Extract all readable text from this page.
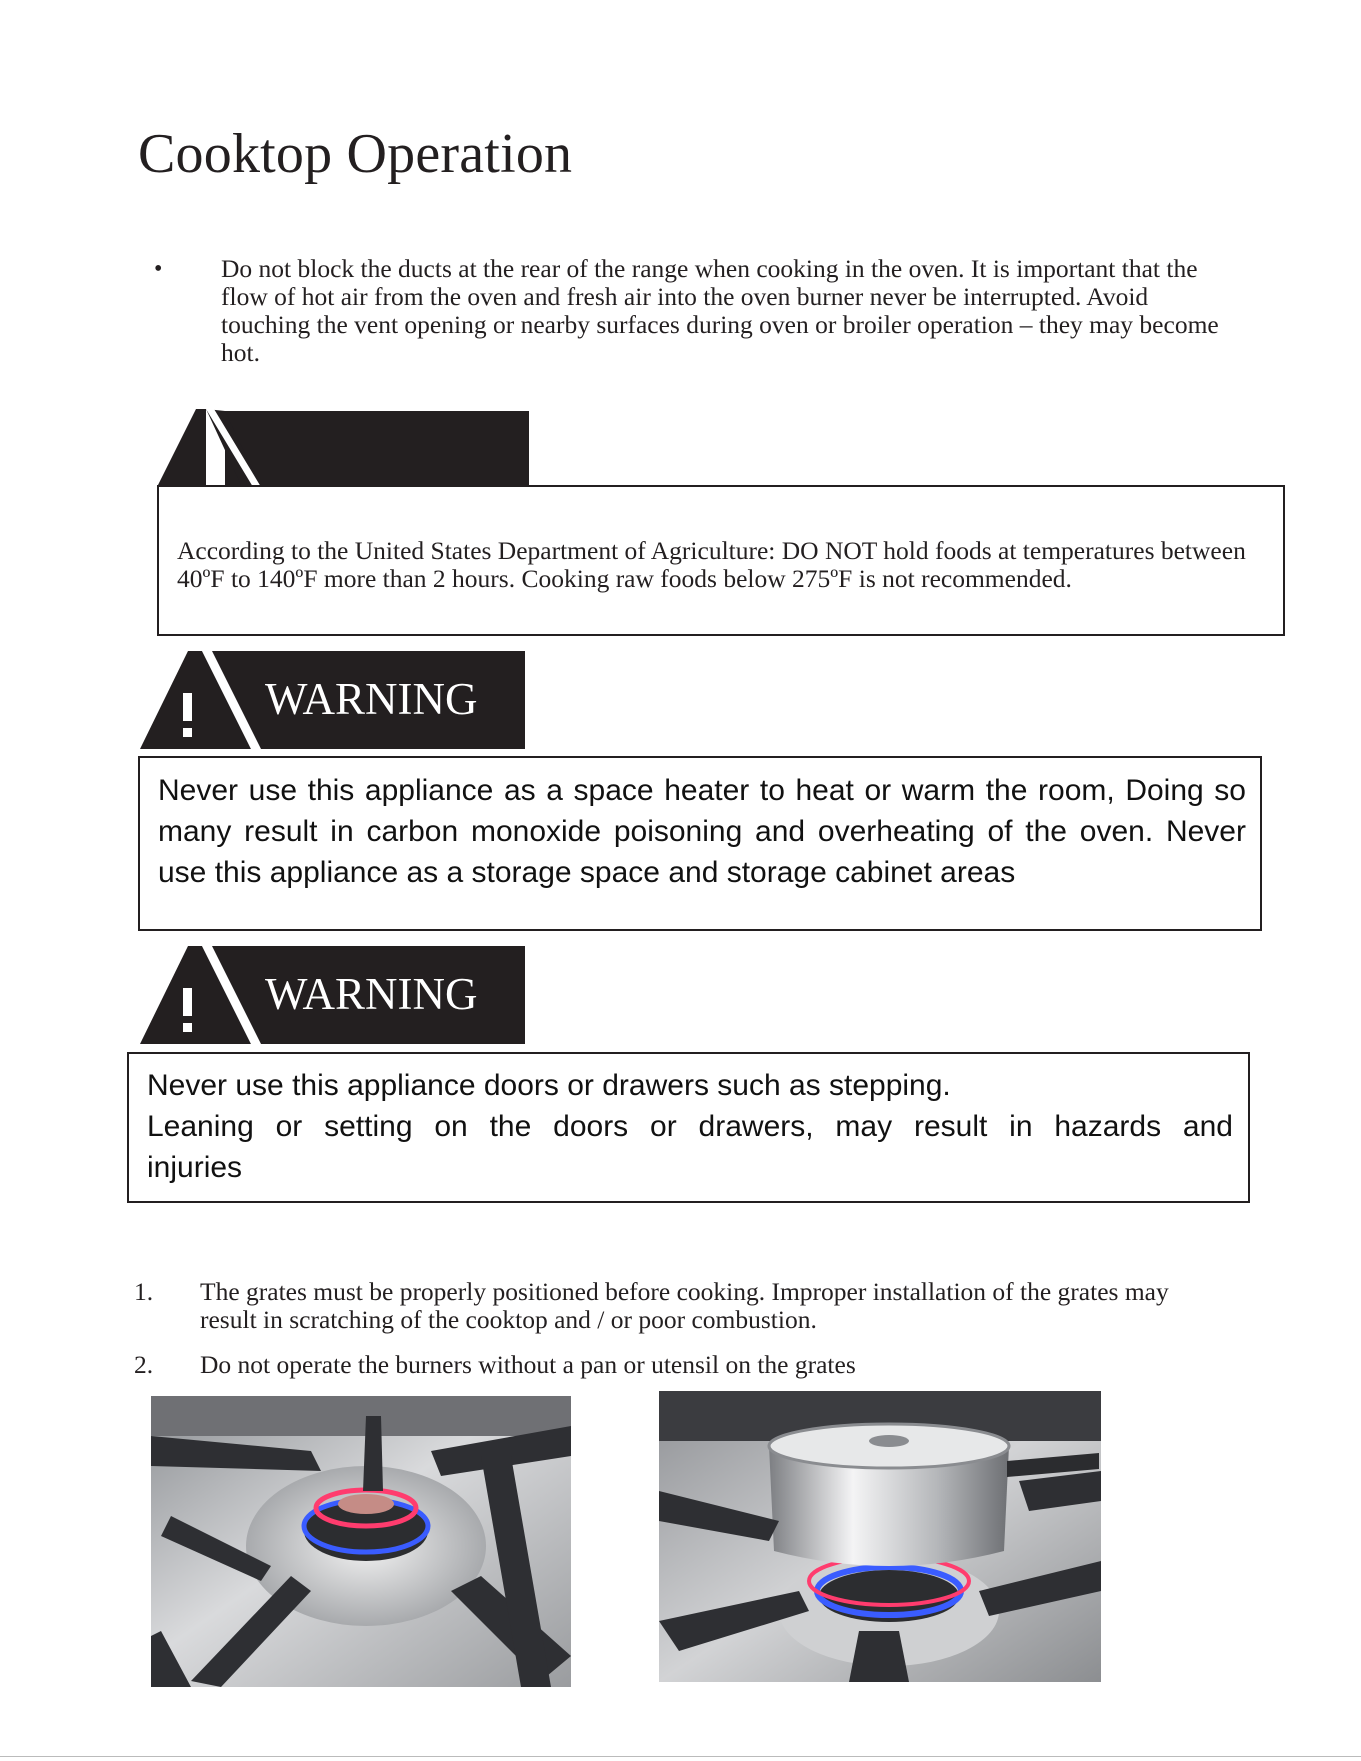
Cooktop Operation
• Do not block the ducts at the rear of the range when cooking in the oven. It is important that the flow of hot air from the oven and fresh air into the oven burner never be interrupted. Avoid touching the vent opening or nearby surfaces during oven or broiler operation – they may become hot.
According to the United States Department of Agriculture: DO NOT hold foods at temperatures between 40ºF to 140ºF more than 2 hours. Cooking raw foods below 275ºF is not recommended.
WARNING
Never use this appliance as a space heater to heat or warm the room, Doing so many result in carbon monoxide poisoning and overheating of the oven. Never use this appliance as a storage space and storage cabinet areas
WARNING
Never use this appliance doors or drawers such as stepping.

Leaning or setting on the doors or drawers, may result in hazards and
injuries
1. The grates must be properly positioned before cooking. Improper installation of the grates may result in scratching of the cooktop and / or poor combustion.
2. Do not operate the burners without a pan or utensil on the grates
